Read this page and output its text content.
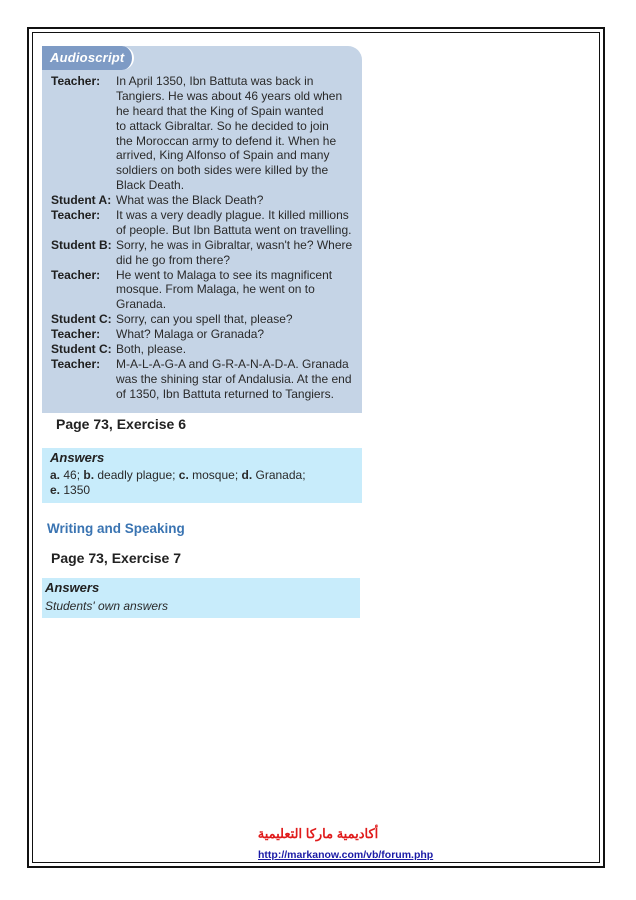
Audioscript
Teacher: In April 1350, Ibn Battuta was back in
Tangiers. He was about 46 years old when
he heard that the King of Spain wanted
to attack Gibraltar. So he decided to join
the Moroccan army to defend it. When he
arrived, King Alfonso of Spain and many
soldiers on both sides were killed by the
Black Death.
Student A: What was the Black Death?
Teacher: It was a very deadly plague. It killed millions
of people. But Ibn Battuta went on travelling.
Student B: Sorry, he was in Gibraltar, wasn't he? Where
did he go from there?
Teacher: He went to Malaga to see its magnificent
mosque. From Malaga, he went on to
Granada.
Student C: Sorry, can you spell that, please?
Teacher: What? Malaga or Granada?
Student C: Both, please.
Teacher: M-A-L-A-G-A and G-R-A-N-A-D-A. Granada
was the shining star of Andalusia. At the end
of 1350, Ibn Battuta returned to Tangiers.
Page 73, Exercise 6
Answers
a. 46; b. deadly plague; c. mosque; d. Granada;
e. 1350
Writing and Speaking
Page 73, Exercise 7
Answers
Students' own answers
أكاديمية ماركا التعليمية
http://markanow.com/vb/forum.php
